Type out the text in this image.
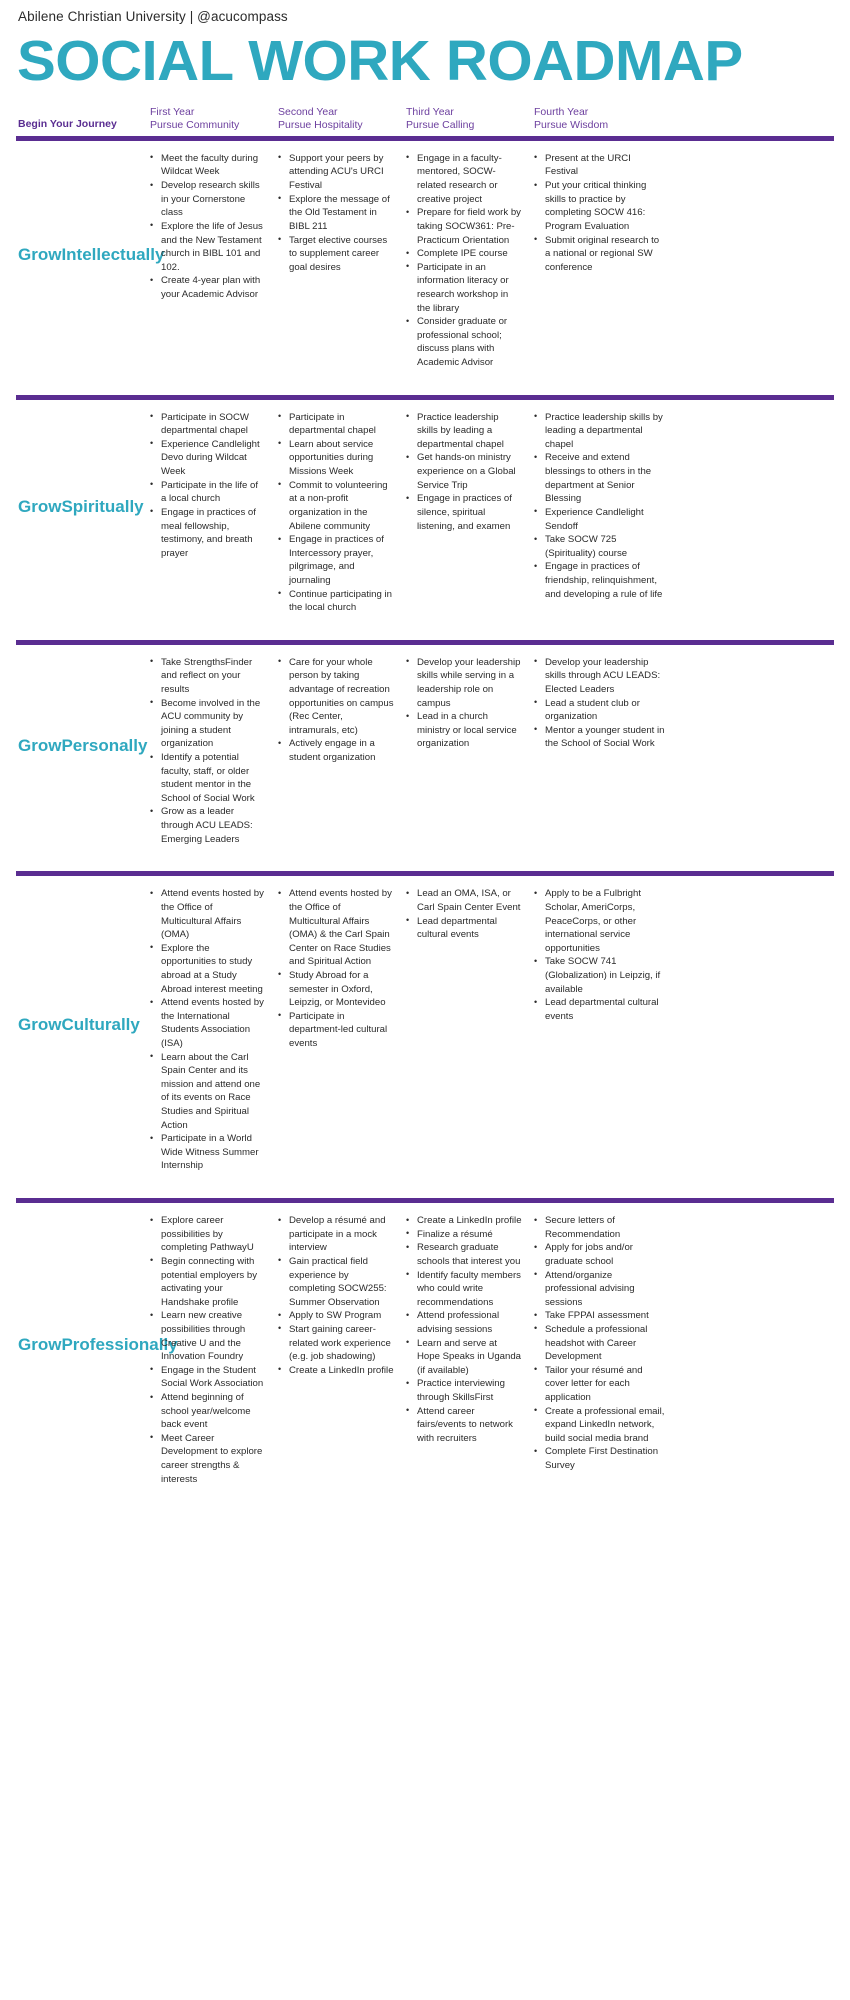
Abilene Christian University | @acucompass
SOCIAL WORK ROADMAP
Begin Your Journey
First Year
Pursue Community
Second Year
Pursue Hospitality
Third Year
Pursue Calling
Fourth Year
Pursue Wisdom
Grow Intellectually
• Meet the faculty during Wildcat Week
• Develop research skills in your Cornerstone class
• Explore the life of Jesus and the New Testament church in BIBL 101 and 102.
• Create 4-year plan with your Academic Advisor
• Support your peers by attending ACU's URCI Festival
• Explore the message of the Old Testament in BIBL 211
• Target elective courses to supplement career goal desires
• Engage in a faculty-mentored, SOCW-related research or creative project
• Prepare for field work by taking SOCW361: Pre-Practicum Orientation
• Complete IPE course
• Participate in an information literacy or research workshop in the library
• Consider graduate or professional school; discuss plans with Academic Advisor
• Present at the URCI Festival
• Put your critical thinking skills to practice by completing SOCW 416: Program Evaluation
• Submit original research to a national or regional SW conference
Grow Spiritually
• Participate in SOCW departmental chapel
• Experience Candlelight Devo during Wildcat Week
• Participate in the life of a local church
• Engage in practices of meal fellowship, testimony, and breath prayer
• Participate in departmental chapel
• Learn about service opportunities during Missions Week
• Commit to volunteering at a non-profit organization in the Abilene community
• Engage in practices of Intercessory prayer, pilgrimage, and journaling
• Continue participating in the local church
• Practice leadership skills by leading a departmental chapel
• Get hands-on ministry experience on a Global Service Trip
• Engage in practices of silence, spiritual listening, and examen
• Practice leadership skills by leading a departmental chapel
• Receive and extend blessings to others in the department at Senior Blessing
• Experience Candlelight Sendoff
• Take SOCW 725 (Spirituality) course
• Engage in practices of friendship, relinquishment, and developing a rule of life
Grow Personally
• Take StrengthsFinder and reflect on your results
• Become involved in the ACU community by joining a student organization
• Identify a potential faculty, staff, or older student mentor in the School of Social Work
• Grow as a leader through ACU LEADS: Emerging Leaders
• Care for your whole person by taking advantage of recreation opportunities on campus (Rec Center, intramurals, etc)
• Actively engage in a student organization
• Develop your leadership skills while serving in a leadership role on campus
• Lead in a church ministry or local service organization
• Develop your leadership skills through ACU LEADS: Elected Leaders
• Lead a student club or organization
• Mentor a younger student in the School of Social Work
Grow Culturally
• Attend events hosted by the Office of Multicultural Affairs (OMA)
• Explore the opportunities to study abroad at a Study Abroad interest meeting
• Attend events hosted by the International Students Association (ISA)
• Learn about the Carl Spain Center and its mission and attend one of its events on Race Studies and Spiritual Action
• Participate in a World Wide Witness Summer Internship
• Attend events hosted by the Office of Multicultural Affairs (OMA) & the Carl Spain Center on Race Studies and Spiritual Action
• Study Abroad for a semester in Oxford, Leipzig, or Montevideo
• Participate in department-led cultural events
• Lead an OMA, ISA, or Carl Spain Center Event
• Lead departmental cultural events
• Apply to be a Fulbright Scholar, AmeriCorps, PeaceCorps, or other international service opportunities
• Take SOCW 741 (Globalization) in Leipzig, if available
• Lead departmental cultural events
Grow Professionally
• Explore career possibilities by completing PathwayU
• Begin connecting with potential employers by activating your Handshake profile
• Learn new creative possibilities through Creative U and the Innovation Foundry
• Engage in the Student Social Work Association
• Attend beginning of school year/welcome back event
• Meet Career Development to explore career strengths & interests
• Develop a résumé and participate in a mock interview
• Gain practical field experience by completing SOCW255: Summer Observation
• Apply to SW Program
• Start gaining career-related work experience (e.g. job shadowing)
• Create a LinkedIn profile
• Create a LinkedIn profile
• Finalize a résumé
• Research graduate schools that interest you
• Identify faculty members who could write recommendations
• Attend professional advising sessions
• Learn and serve at Hope Speaks in Uganda (if available)
• Practice interviewing through SkillsFirst
• Attend career fairs/events to network with recruiters
• Secure letters of Recommendation
• Apply for jobs and/or graduate school
• Attend/organize professional advising sessions
• Take FPPAI assessment
• Schedule a professional headshot with Career Development
• Tailor your résumé and cover letter for each application
• Create a professional email, expand LinkedIn network, build social media brand
• Complete First Destination Survey
